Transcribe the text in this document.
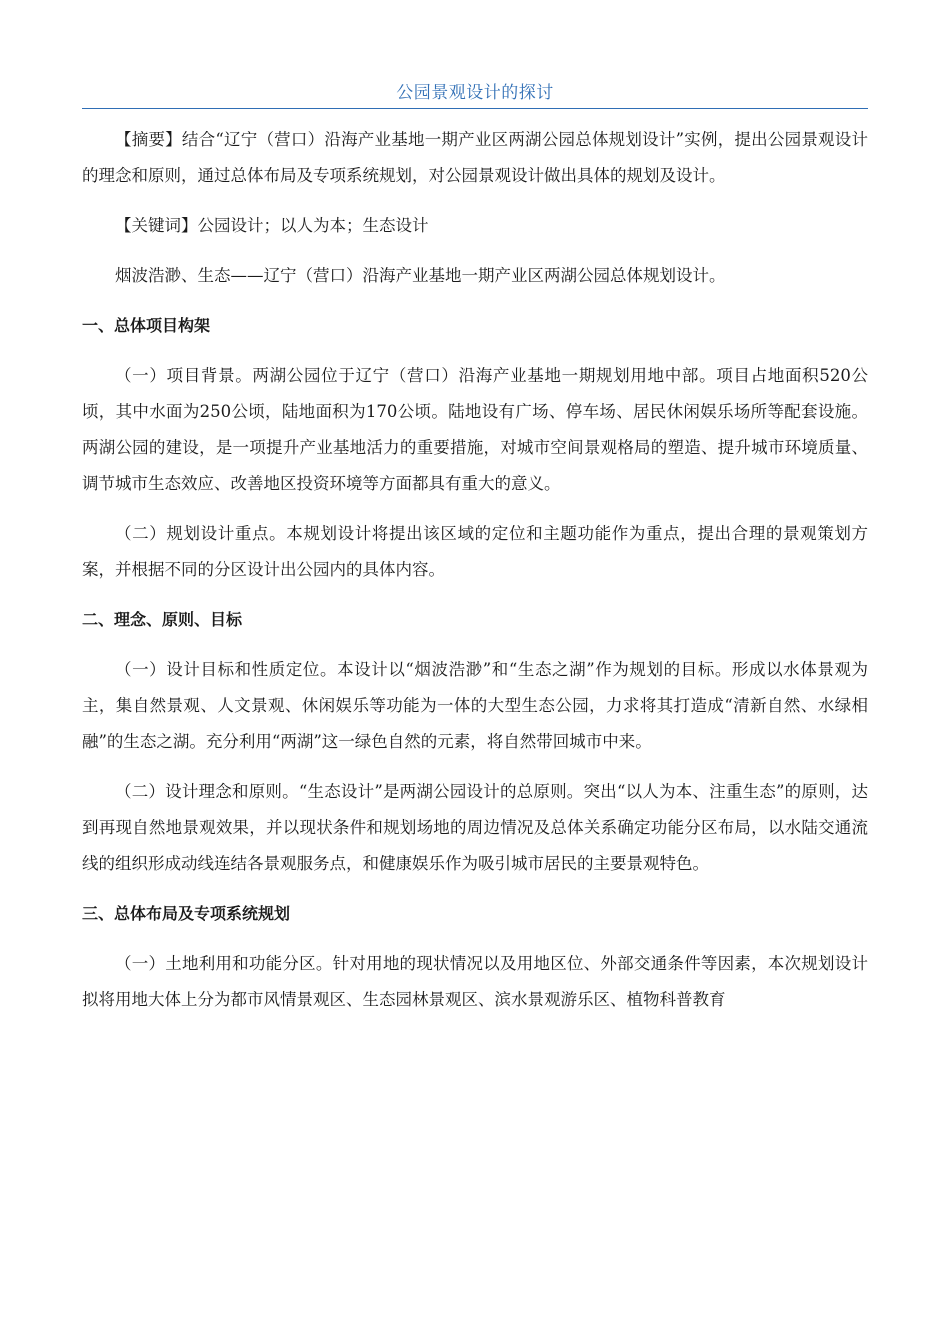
公园景观设计的探讨

【摘要】结合“辽宁（营口）沿海产业基地一期产业区两湖公园总体规划设计”实例，提出公园景观设计的理念和原则，通过总体布局及专项系统规划，对公园景观设计做出具体的规划及设计。

【关键词】公园设计；以人为本；生态设计

烟波浩渺、生态——辽宁（营口）沿海产业基地一期产业区两湖公园总体规划设计。

一、总体项目构架

（一）项目背景。两湖公园位于辽宁（营口）沿海产业基地一期规划用地中部。项目占地面积520公顷，其中水面为250公顷，陆地面积为170公顷。陆地设有广场、停车场、居民休闲娱乐场所等配套设施。两湖公园的建设，是一项提升产业基地活力的重要措施，对城市空间景观格局的塑造、提升城市环境质量、调节城市生态效应、改善地区投资环境等方面都具有重大的意义。

（二）规划设计重点。本规划设计将提出该区域的定位和主题功能作为重点，提出合理的景观策划方案，并根据不同的分区设计出公园内的具体内容。

二、理念、原则、目标

（一）设计目标和性质定位。本设计以“烟波浩渺”和“生态之湖”作为规划的目标。形成以水体景观为主，集自然景观、人文景观、休闲娱乐等功能为一体的大型生态公园，力求将其打造成“清新自然、水绿相融”的生态之湖。充分利用“两湖”这一绿色自然的元素，将自然带回城市中来。

（二）设计理念和原则。“生态设计”是两湖公园设计的总原则。突出“以人为本、注重生态”的原则，达到再现自然地景观效果，并以现状条件和规划场地的周边情况及总体关系确定功能分区布局，以水陆交通流线的组织形成动线连结各景观服务点，和健康娱乐作为吸引城市居民的主要景观特色。

三、总体布局及专项系统规划

（一）土地利用和功能分区。针对用地的现状情况以及用地区位、外部交通条件等因素，本次规划设计拟将用地大体上分为都市风情景观区、生态园林景观区、滨水景观游乐区、植物科普教育
